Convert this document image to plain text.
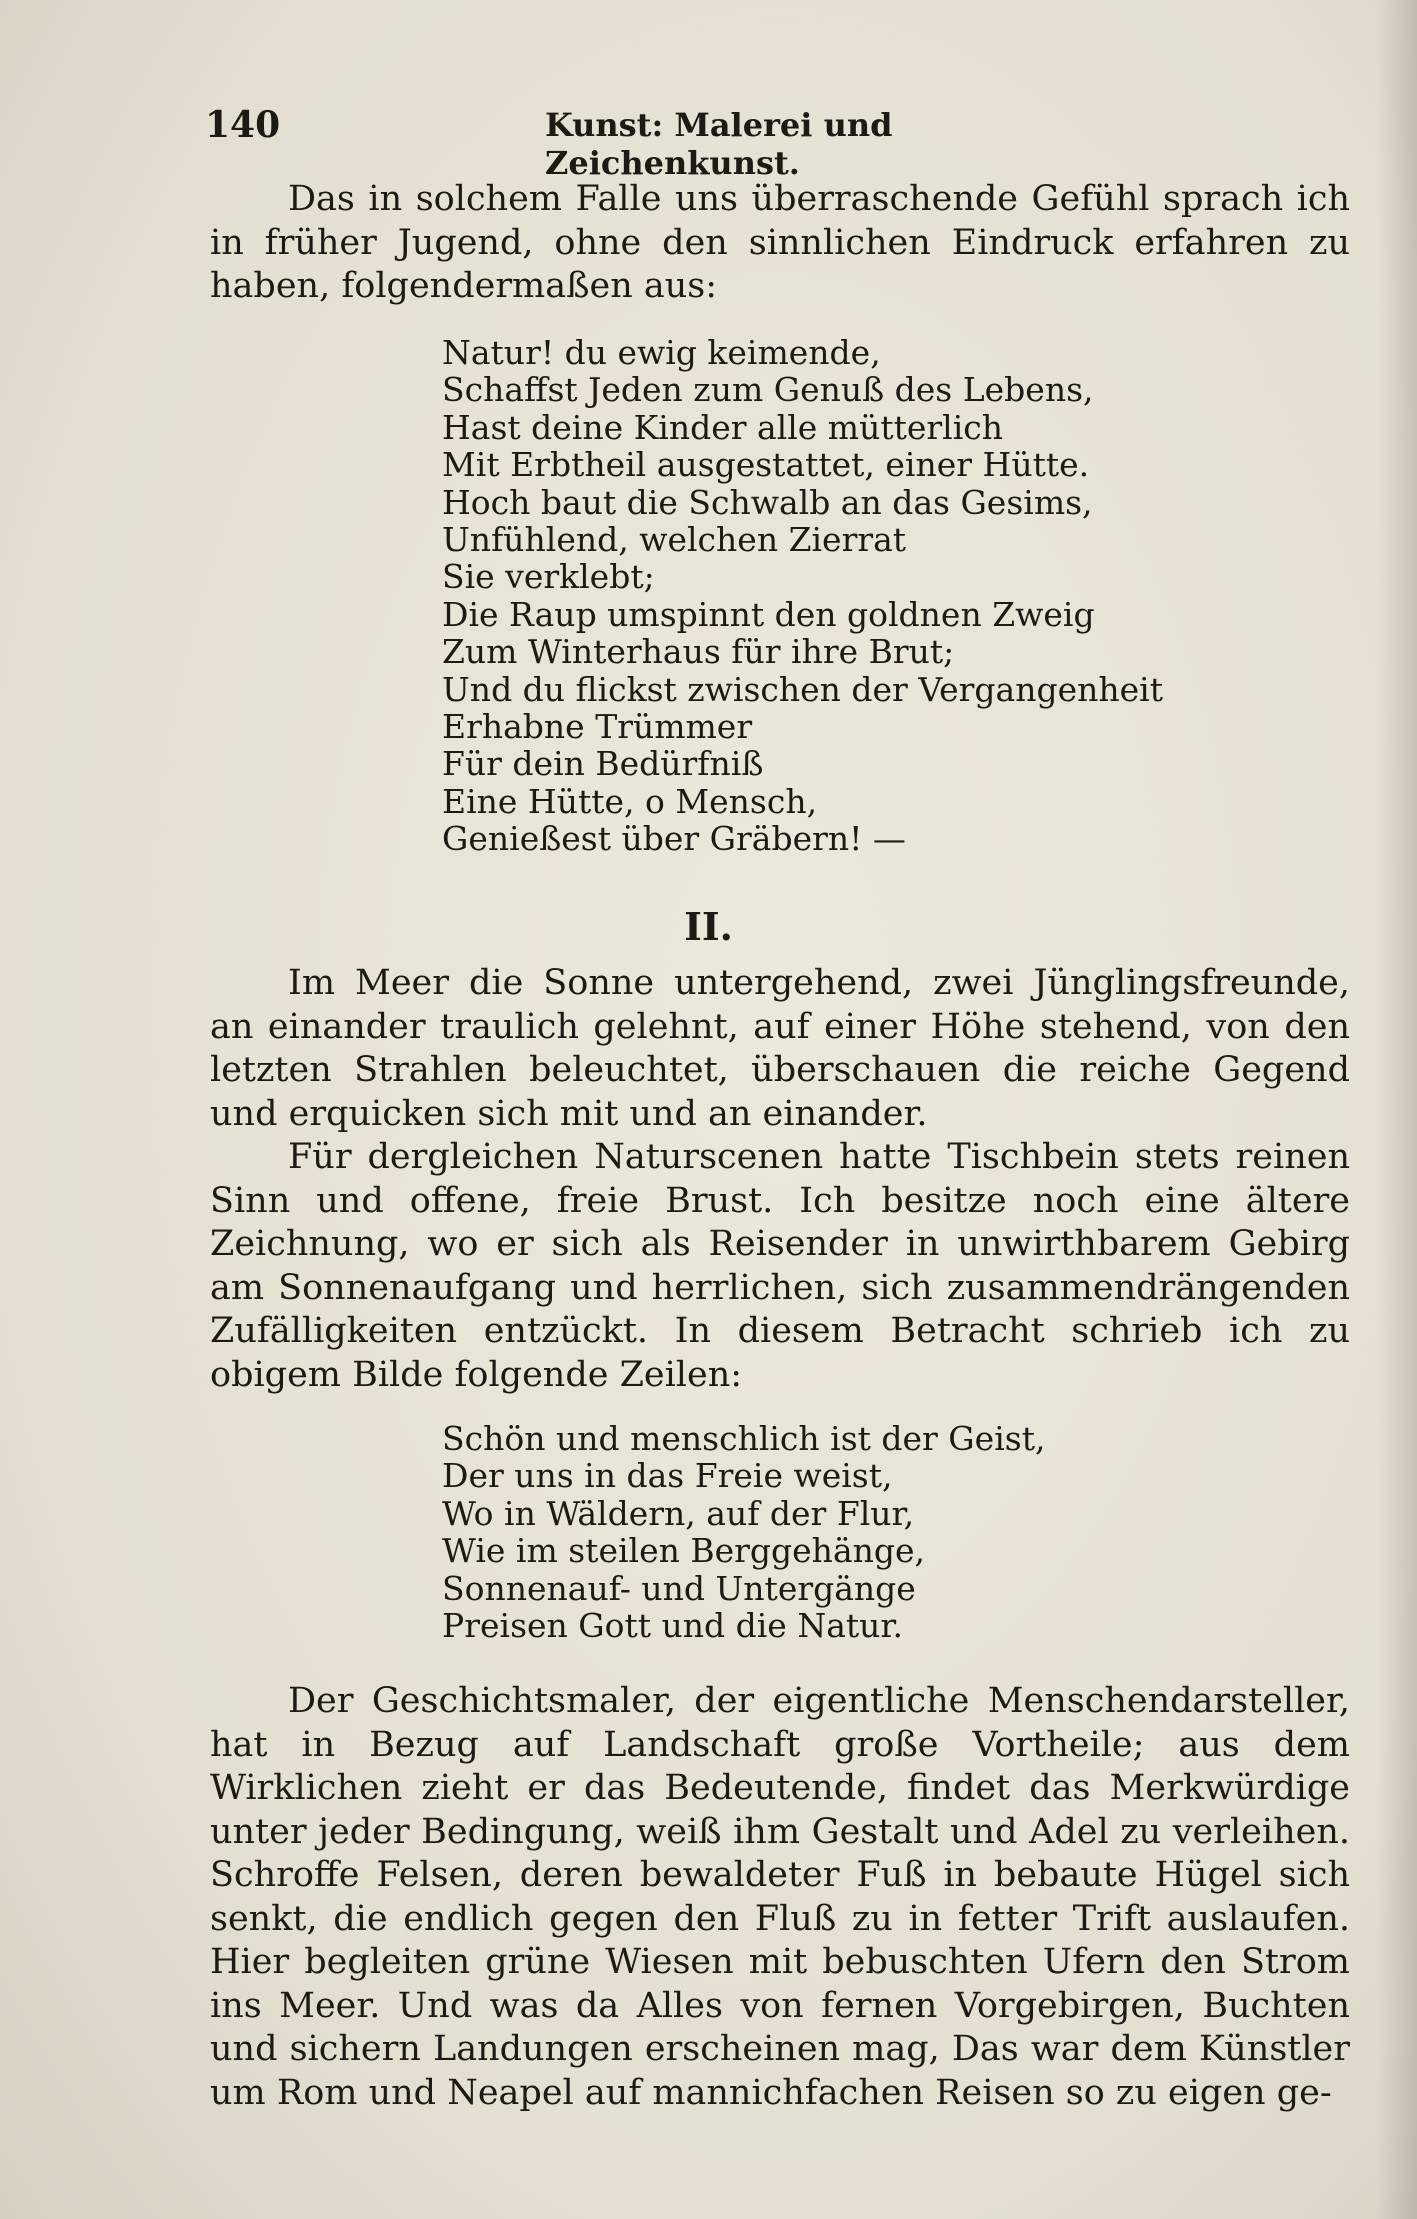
140	Kunst: Malerei und Zeichenkunst.

Das in solchem Falle uns überraschende Gefühl sprach ich in früher Jugend, ohne den sinnlichen Eindruck erfahren zu haben, folgendermaßen aus:

Natur! du ewig keimende,
Schaffst Jeden zum Genuß des Lebens,
Hast deine Kinder alle mütterlich
Mit Erbtheil ausgestattet, einer Hütte.
Hoch baut die Schwalb an das Gesims,
Unfühlend, welchen Zierrat
Sie verklebt;
Die Raup umspinnt den goldnen Zweig
Zum Winterhaus für ihre Brut;
Und du flickst zwischen der Vergangenheit
Erhabne Trümmer
Für dein Bedürfniß
Eine Hütte, o Mensch,
Genießest über Gräbern! —
II.

Im Meer die Sonne untergehend, zwei Jünglingsfreunde, an einander traulich gelehnt, auf einer Höhe stehend, von den letzten Strahlen beleuchtet, überschauen die reiche Gegend und erquicken sich mit und an einander.

Für dergleichen Naturscenen hatte Tischbein stets reinen Sinn und offene, freie Brust. Ich besitze noch eine ältere Zeichnung, wo er sich als Reisender in unwirthbarem Gebirg am Sonnenaufgang und herrlichen, sich zusammendrängenden Zufälligkeiten entzückt. In diesem Betracht schrieb ich zu obigem Bilde folgende Zeilen:

Schön und menschlich ist der Geist,
Der uns in das Freie weist,
Wo in Wäldern, auf der Flur,
Wie im steilen Berggehänge,
Sonnenauf- und Untergänge
Preisen Gott und die Natur.

Der Geschichtsmaler, der eigentliche Menschendarsteller, hat in Bezug auf Landschaft große Vortheile; aus dem Wirklichen zieht er das Bedeutende, findet das Merkwürdige unter jeder Bedingung, weiß ihm Gestalt und Adel zu verleihen. Schroffe Felsen, deren bewaldeter Fuß in bebaute Hügel sich senkt, die endlich gegen den Fluß zu in fetter Trift auslaufen. Hier begleiten grüne Wiesen mit bebuschten Ufern den Strom ins Meer. Und was da Alles von fernen Vorgebirgen, Buchten und sichern Landungen erscheinen mag, Das war dem Künstler um Rom und Neapel auf mannichfachen Reisen so zu eigen ge-
